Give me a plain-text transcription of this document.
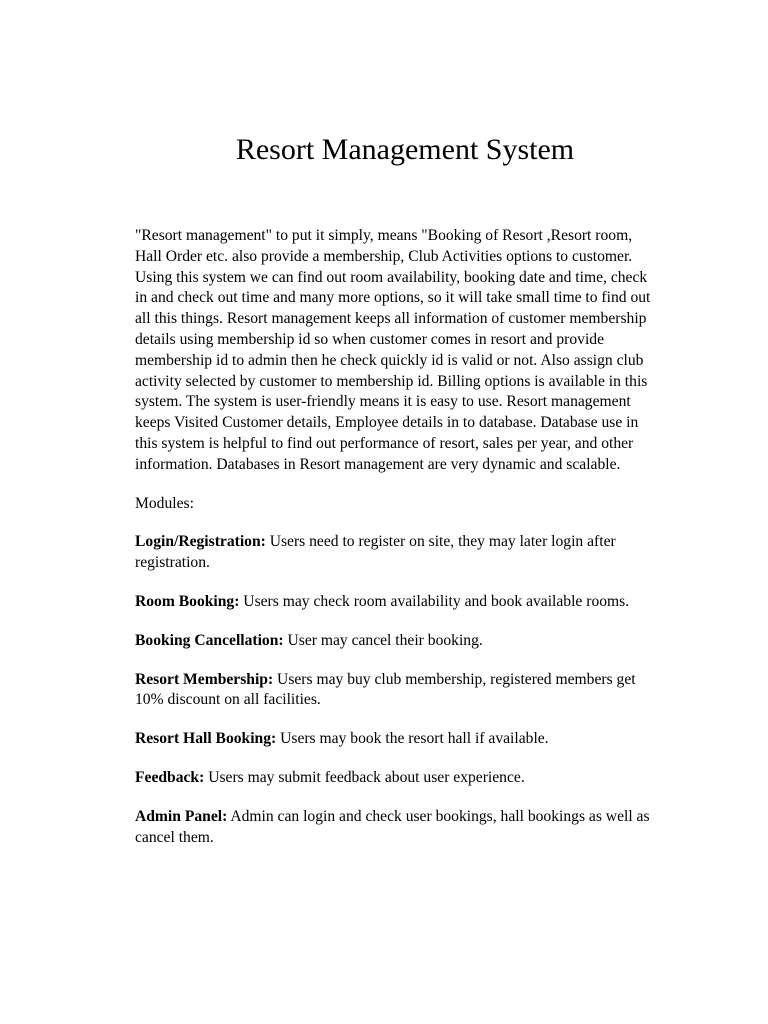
Resort Management System

"Resort management" to put it simply, means "Booking of Resort ,Resort room, Hall Order etc. also provide a membership, Club Activities options to customer. Using this system we can find out room availability, booking date and time, check in and check out time and many more options, so it will take small time to find out all this things. Resort management keeps all information of customer membership details using membership id so when customer comes in resort and provide membership id to admin then he check quickly id is valid or not. Also assign club activity selected by customer to membership id. Billing options is available in this system. The system is user-friendly means it is easy to use. Resort management keeps Visited Customer details, Employee details in to database. Database use in this system is helpful to find out performance of resort, sales per year, and other information. Databases in Resort management are very dynamic and scalable.

Modules:

Login/Registration: Users need to register on site, they may later login after registration.

Room Booking: Users may check room availability and book available rooms.

Booking Cancellation: User may cancel their booking.

Resort Membership: Users may buy club membership, registered members get 10% discount on all facilities.

Resort Hall Booking: Users may book the resort hall if available.

Feedback: Users may submit feedback about user experience.

Admin Panel: Admin can login and check user bookings, hall bookings as well as cancel them.
